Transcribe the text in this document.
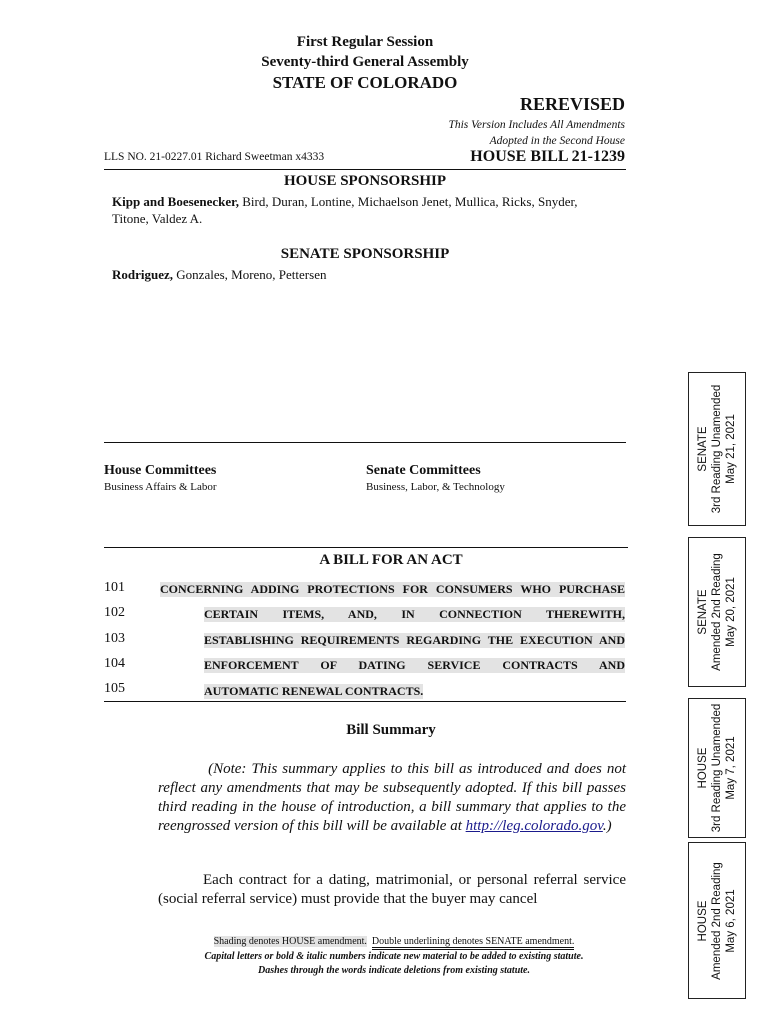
First Regular Session
Seventy-third General Assembly
STATE OF COLORADO
REREVISED
This Version Includes All Amendments
Adopted in the Second House
LLS NO. 21-0227.01 Richard Sweetman x4333	HOUSE BILL 21-1239
HOUSE SPONSORSHIP
Kipp and Boesenecker, Bird, Duran, Lontine, Michaelson Jenet, Mullica, Ricks, Snyder,
Titone, Valdez A.
SENATE SPONSORSHIP
Rodriguez, Gonzales, Moreno, Pettersen
House Committees
Business Affairs & Labor
Senate Committees
Business, Labor, & Technology
A BILL FOR AN ACT
101	CONCERNING ADDING PROTECTIONS FOR CONSUMERS WHO PURCHASE
102	CERTAIN ITEMS, AND, IN CONNECTION THEREWITH,
103	ESTABLISHING REQUIREMENTS REGARDING THE EXECUTION AND
104	ENFORCEMENT OF DATING SERVICE CONTRACTS AND
105	AUTOMATIC RENEWAL CONTRACTS.
Bill Summary

(Note: This summary applies to this bill as introduced and does not reflect any amendments that may be subsequently adopted. If this bill passes third reading in the house of introduction, a bill summary that applies to the reengrossed version of this bill will be available at http://leg.colorado.gov.)

Each contract for a dating, matrimonial, or personal referral service (social referral service) must provide that the buyer may cancel
Shading denotes HOUSE amendment. Double underlining denotes SENATE amendment.
Capital letters or bold & italic numbers indicate new material to be added to existing statute.
Dashes through the words indicate deletions from existing statute.
SENATE 3rd Reading Unamended May 21, 2021
SENATE Amended 2nd Reading May 20, 2021
HOUSE 3rd Reading Unamended May 7, 2021
HOUSE Amended 2nd Reading May 6, 2021
